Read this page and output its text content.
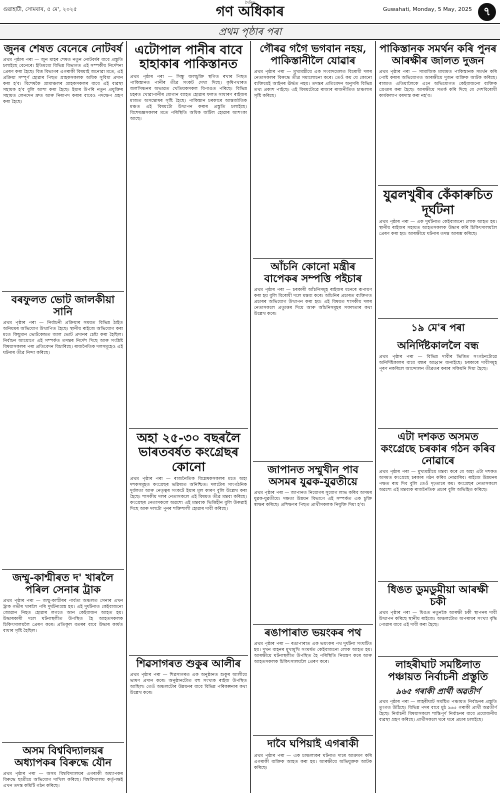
গুৱাহাটী, সোমবাৰ, ৫ মে', ২০২৫
দৈনিক
গণ অধিকাৰ	Guwahati, Monday, 5 May, 2025	৭
প্ৰথম পৃষ্ঠাৰ পৰা
জুনৰ শেষত বেনেৰে নোটবৰ্ষ

প্ৰথম পৃষ্ঠাৰ পৰা — জুন মাহৰ শেষত নতুন নোটবৰ্ষৰ বাবে প্ৰস্তুতি চলাইছে বেনেৰে। ইতিমধ্যে বিভিন্ন বিভাগত এই সম্পৰ্কীয় নিৰ্দেশনা প্ৰেৰণ কৰা হৈছে। বিত্ত বিভাগৰ এগৰাকী বিষয়াই জনোৱা মতে, এই প্ৰক্ৰিয়া সম্পূৰ্ণ হোৱাৰ পিছত গ্ৰাহকসকলক অধিক সুবিধা প্ৰদান কৰা হ'ব। বিশেষকৈ গ্ৰামাঞ্চলৰ গ্ৰাহকসকলৰ বাবে এই ব্যৱস্থা সহায়ক হ'ব বুলি আশা কৰা হৈছে। ইয়াৰ উপৰি নতুন প্ৰযুক্তিৰ সহায়ত লেনদেন দ্ৰুত আৰু নিৰাপদ কৰাৰ বাবেও পদক্ষেপ গ্ৰহণ কৰা হৈছে।

বৰফুলত ভোট জালকীয়া সানি

প্ৰথম পৃষ্ঠাৰ পৰা — নিৰ্বাচনী প্ৰক্ৰিয়াৰ সময়ত বিভিন্ন ঠাইত অনিয়মৰ অভিযোগ উত্থাপিত হৈছে। স্থানীয় ৰাইজে অভিযোগ কৰা মতে কিছুমান ভোটকেন্দ্ৰত জাল ভোট প্ৰদানৰ চেষ্টা কৰা হৈছিল। নিৰ্বাচন আয়োগে এই সম্পৰ্কত তদন্তৰ নিৰ্দেশ দিছে আৰু সংশ্লিষ্ট বিষয়াসকলৰ পৰা প্ৰতিবেদন বিচাৰিছে। ৰাজনৈতিক দলসমূহেও এই ঘটনাৰ তীব্ৰ নিন্দা কৰিছে।

জম্মু-কাশ্মীৰত দ' খাৰলৈ পৰিল সেনাৰ ট্ৰাক

প্ৰথম পৃষ্ঠাৰ পৰা — জম্মু-কাশ্মীৰৰ পাৰ্বত্য অঞ্চলত সেনাৰ এখন ট্ৰাক গভীৰ খাৰলৈ পৰি দুৰ্ঘটনাগ্ৰস্ত হয়। এই দুৰ্ঘটনাত কেইবাজনো জোৱান নিহত হোৱাৰ লগতে আন কেইবাজন আহত হয়। উদ্ধাৰকাৰী দলে ঘটনাস্থলীত উপস্থিত হৈ আহতসকলক চিকিৎসালয়লৈ প্ৰেৰণ কৰে। প্ৰতিকূল বতৰৰ বাবে উদ্ধাৰ কাৰ্যত বাধাৰ সৃষ্টি হৈছিল।

অসম বিশ্ববিদ্যালয়ৰ অধ্যাপকৰ বিৰুদ্ধে যৌন

প্ৰথম পৃষ্ঠাৰ পৰা — অসম বিশ্ববিদ্যালয়ৰ এগৰাকী অধ্যাপকৰ বিৰুদ্ধে ছাত্ৰীয়ে অভিযোগ দাখিল কৰিছে। বিশ্ববিদ্যালয় কৰ্তৃপক্ষই এখন তদন্ত কমিটি গঠন কৰিছে।

এটোপাল পানীৰ বাবে হাহাকাৰ পাকিস্তানত

প্ৰথম পৃষ্ঠাৰ পৰা — সিন্ধু জলচুক্তি স্থগিত ৰখাৰ পিছত পাকিস্তানত পানীৰ তীব্ৰ সংকট দেখা দিছে। কৃষিপথাৰত জলসিঞ্চনৰ অভাৱত খেতিয়কসকল বিপাঙত পৰিছে। বিভিন্ন চহৰত খোৱাপানীৰ যোগান ব্যাহত হোৱাৰ ফলত সাধাৰণ ৰাইজৰ মাজত অসন্তোষৰ সৃষ্টি হৈছে। পাকিস্তান চৰকাৰে আন্তৰ্জাতিক মঞ্চত এই বিষয়টো উত্থাপন কৰাৰ প্ৰস্তুতি চলাইছে। বিশেষজ্ঞসকলৰ মতে পৰিস্থিতি অধিক জটিল হোৱাৰ আশংকা আছে।

অহা ২৫-৩০ বছৰলৈ ভাৰতবৰ্ষত কংগ্ৰেছৰ কোনো

প্ৰথম পৃষ্ঠাৰ পৰা — ৰাজনৈতিক বিশ্লেষকসকলৰ মতে অহা দশকসমূহত কংগ্ৰেছৰ ভৱিষ্যত অনিশ্চিত। দলটোৰ সাংগঠনিক দুৰ্বলতা আৰু নেতৃত্বৰ সংকটে ইয়াৰ মূল কাৰণ বুলি উল্লেখ কৰা হৈছে। শাসকীয় দলৰ নেতাসকলে এই বিষয়ত তীব্ৰ মন্তব্য কৰিছে। কংগ্ৰেছৰ নেতাসকলে অৱশ্যে এই মন্তব্যক ভিত্তিহীন বুলি উৰুৱাই দিছে আৰু দলটো পুনৰ শক্তিশালী হোৱাৰ দাবী কৰিছে।

শিৱসাগৰত শুকুৰ আলীৰ

প্ৰথম পৃষ্ঠাৰ পৰা — শিৱসাগৰত এক অনুষ্ঠানত শুকুৰ আলীয়ে ভাষণ প্ৰদান কৰে। অনুষ্ঠানটোত বহু সংখ্যক ৰাইজ উপস্থিত আছিল। তেওঁ অঞ্চলটোৰ উন্নয়নৰ বাবে বিভিন্ন পৰিকল্পনাৰ কথা উল্লেখ কৰে।

গৌৰৱ গগৈ ভগবান নহয়, পাকিস্তানীলৈ যোৱাৰ

প্ৰথম পৃষ্ঠাৰ পৰা — মুখ্যমন্ত্ৰীয়ে এক সংবাদমেলত বিৰোধী দলৰ নেতাসকলৰ বিৰুদ্ধে তীব্ৰ সমালোচনা কৰে। তেওঁ কয় যে কোনো ব্যক্তিয়েই আইনৰ ঊৰ্দ্ধত নহয়। তদন্তৰ প্ৰতিবেদন অনুসৰি বিভিন্ন তথ্য প্ৰকাশ পাইছে। এই বিষয়টোৱে ৰাজ্যৰ ৰাজনীতিত চাঞ্চল্যৰ সৃষ্টি কৰিছে।

আঁচনি কোনো মন্ত্ৰীৰ বাপেকৰ সম্পত্তি পইচাৰ

প্ৰথম পৃষ্ঠাৰ পৰা — চৰকাৰী আঁচনিসমূহ ৰাইজৰ ধনেৰে ৰূপায়ণ কৰা হয় বুলি বিৰোধী দলে মন্তব্য কৰে। আঁচনিৰ প্ৰচাৰত ব্যক্তিগত প্ৰচাৰৰ অভিযোগ উত্থাপন কৰা হয়। এই বিষয়ত শাসকীয় দলৰ নেতাসকলে প্ৰত্যুত্তৰ দিয়ে আৰু আঁচনিসমূহৰ সফলতাৰ কথা উল্লেখ কৰে।

জাপানত সম্মুখীন পাব অসমৰ যুৱক-যুৱতীয়ে

প্ৰথম পৃষ্ঠাৰ পৰা — জাপানত নিয়োগৰ সুযোগ লাভ কৰিব অসমৰ যুৱক-যুৱতীয়ে। দক্ষতা উন্নয়ন বিভাগে এই সম্পৰ্কত এক চুক্তি স্বাক্ষৰ কৰিছে। প্ৰশিক্ষণৰ পিছত প্ৰাৰ্থীসকলক নিযুক্তি দিয়া হ'ব।

ৰঙাপাৰাত ভয়ংকৰ পথ

প্ৰথম পৃষ্ঠাৰ পৰা — ৰঙাপাৰাত এক ভয়ংকৰ পথ দুৰ্ঘটনা সংঘটিত হয়। দুখন বাহনৰ মুখামুখি সংঘৰ্ষত কেইবাজনো লোক আহত হয়। আৰক্ষীয়ে ঘটনাস্থলীত উপস্থিত হৈ পৰিস্থিতি নিয়ন্ত্ৰণ কৰে আৰু আহতসকলক চিকিৎসালয়লৈ প্ৰেৰণ কৰে।

দাবৈ ঘপিয়াই এগৰাকী

প্ৰথম পৃষ্ঠাৰ পৰা — এক চাঞ্চল্যকৰ ঘটনাত দাৰে আক্ৰমণ কৰি এগৰাকী ব্যক্তিক আহত কৰা হয়। আৰক্ষীয়ে অভিযুক্তক আটক কৰিছে।

পাকিস্তানক সমৰ্থন কৰি পুনৰ আৰক্ষীৰ জালত দুজন

প্ৰথম পৃষ্ঠাৰ পৰা — সামাজিক মাধ্যমত পাকিস্তানক সমৰ্থন কৰি পোষ্ট কৰাৰ অভিযোগত আৰক্ষীয়ে দুজন ব্যক্তিক আটক কৰিছে। ৰাজ্যত এতিয়ালৈকে এনে অভিযোগত কেইবাজনো ব্যক্তিক গ্ৰেপ্তাৰ কৰা হৈছে। আৰক্ষীয়ে সতৰ্ক কৰি দিছে যে দেশবিৰোধী কাৰ্যকলাপ বৰদাস্ত কৰা নহ'ব।

যুৱলখুৰীৰ কেঁকাৰুচিত দূৰ্ঘটনা

প্ৰথম পৃষ্ঠাৰ পৰা — এক দুৰ্ঘটনাত কেইবাজনো লোক আহত হয়। স্থানীয় ৰাইজৰ সহায়ত আহতসকলক উদ্ধাৰ কৰি চিকিৎসালয়লৈ প্ৰেৰণ কৰা হয়। আৰক্ষীয়ে ঘটনাৰ তদন্ত আৰম্ভ কৰিছে।

১৯ মে'ৰ পৰা
অনিৰ্দিষ্টকাললৈ বন্ধ

প্ৰথম পৃষ্ঠাৰ পৰা — বিভিন্ন দাবীৰ ভিত্তিত সংগঠনটোৱে অনিৰ্দিষ্টকালৰ বাবে বন্ধৰ আহ্বান জনাইছে। চৰকাৰে দাবীসমূহ পূৰণ নকৰিলে আন্দোলন তীব্ৰতৰ কৰাৰ সকিয়নি দিয়া হৈছে।

এটা দশকত অসমত কংগ্ৰেছে চৰকাৰ গঠন কৰিব নোৱাৰে

প্ৰথম পৃষ্ঠাৰ পৰা — মুখ্যমন্ত্ৰীয়ে মন্তব্য কৰে যে অহা এটা দশকত অসমত কংগ্ৰেছে চৰকাৰ গঠন কৰিব নোৱাৰিব। ৰাইজে উন্নয়নৰ পক্ষত ৰায় দিব বুলি তেওঁ দৃঢ়তাৰে কয়। কংগ্ৰেছৰ নেতাসকলে অৱশ্যে এই মন্তব্যক ৰাজনৈতিক প্ৰচাৰ বুলি অভিহিত কৰিছে।

ধিঙত ডুমডুমীয়া আৰক্ষী চকী

প্ৰথম পৃষ্ঠাৰ পৰা — ধিঙত নতুনকৈ আৰক্ষী চকী স্থাপনৰ দাবী উত্থাপন কৰিছে স্থানীয় ৰাইজে। অঞ্চলটোত অপৰাধৰ সংখ্যা বৃদ্ধি পোৱাৰ বাবে এই দাবী কৰা হৈছে।

লাহৰীঘাট সমষ্টিলাত পঞ্চায়ত নিৰ্বাচনী প্ৰস্তুতি
৯৬৫ গৰাকী প্ৰাৰ্থী অৱতীৰ্ণ

প্ৰথম পৃষ্ঠাৰ পৰা — লাহৰীঘাট সমষ্টিত পঞ্চায়ত নিৰ্বাচনৰ প্ৰস্তুতি তুংগত উঠিছে। বিভিন্ন পদৰ বাবে মুঠ ৯৬৫ গৰাকী প্ৰাৰ্থী অৱতীৰ্ণ হৈছে। নিৰ্বাচনী বিষয়াসকলে শান্তিপূৰ্ণ নিৰ্বাচনৰ বাবে প্ৰয়োজনীয় ব্যৱস্থা গ্ৰহণ কৰিছে। প্ৰাৰ্থীসকলে ঘৰে ঘৰে প্ৰচাৰ চলাইছে।
